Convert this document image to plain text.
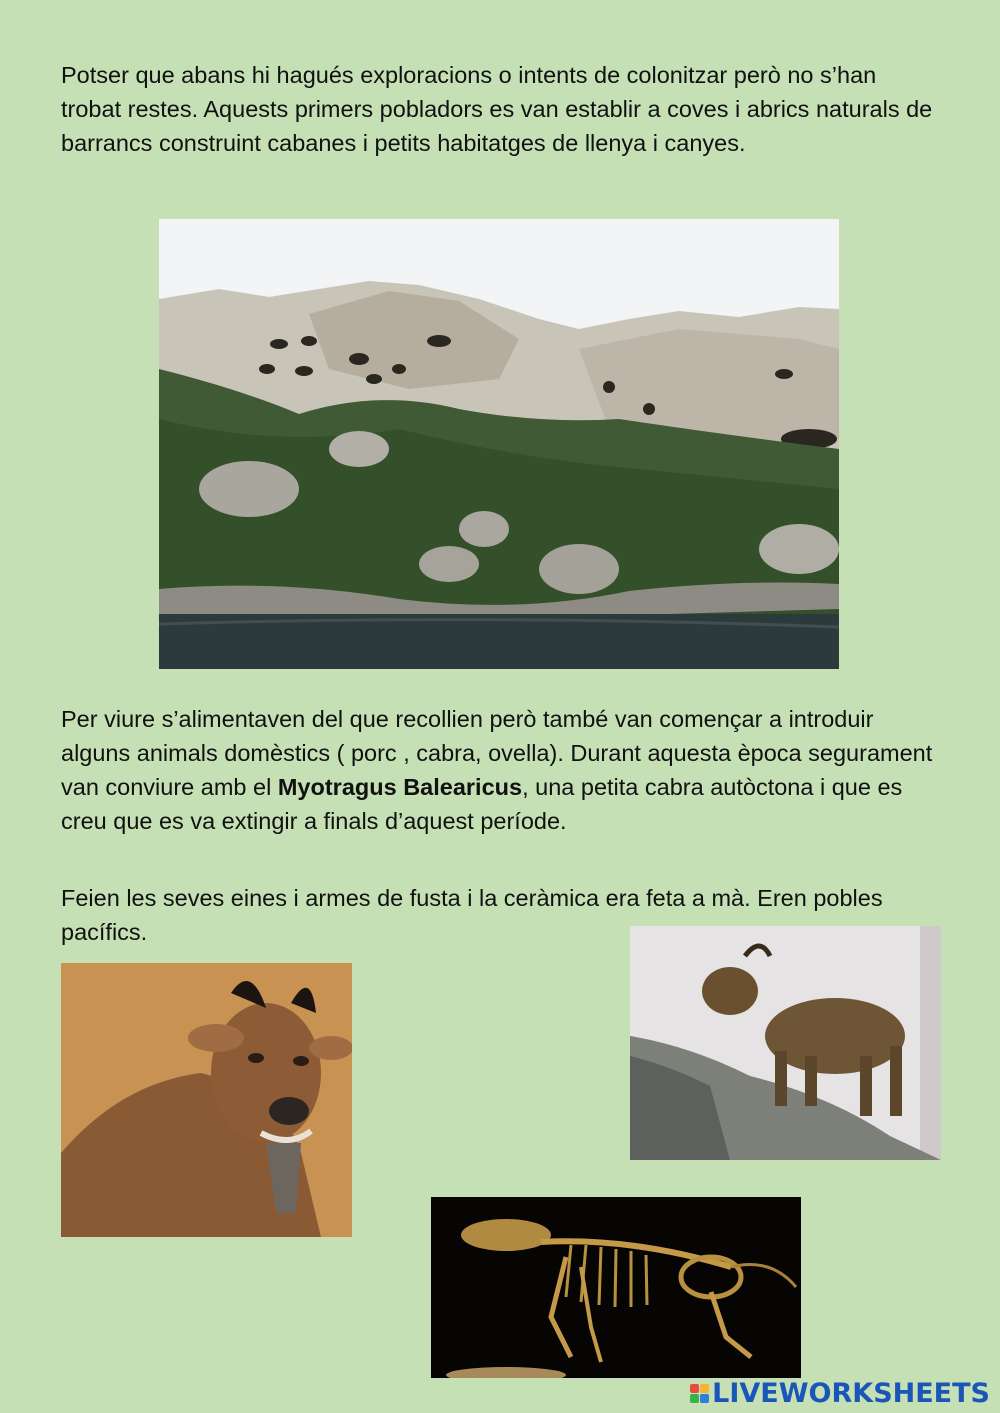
Potser que abans hi hagués exploracions o intents de colonitzar però no s’han trobat restes. Aquests primers pobladors es van establir a coves i abrics naturals de barrancs construint cabanes i petits habitatges de llenya i canyes.

Per viure s’alimentaven del que recollien però també van començar a introduir alguns animals domèstics ( porc , cabra, ovella). Durant aquesta època segurament van conviure amb el Myotragus Balearicus, una petita cabra autòctona i que es creu que es va extingir a finals d’aquest període.

Feien les seves eines i armes de fusta i la ceràmica era feta a mà. Eren pobles pacífics.

LIVEWORKSHEETS
